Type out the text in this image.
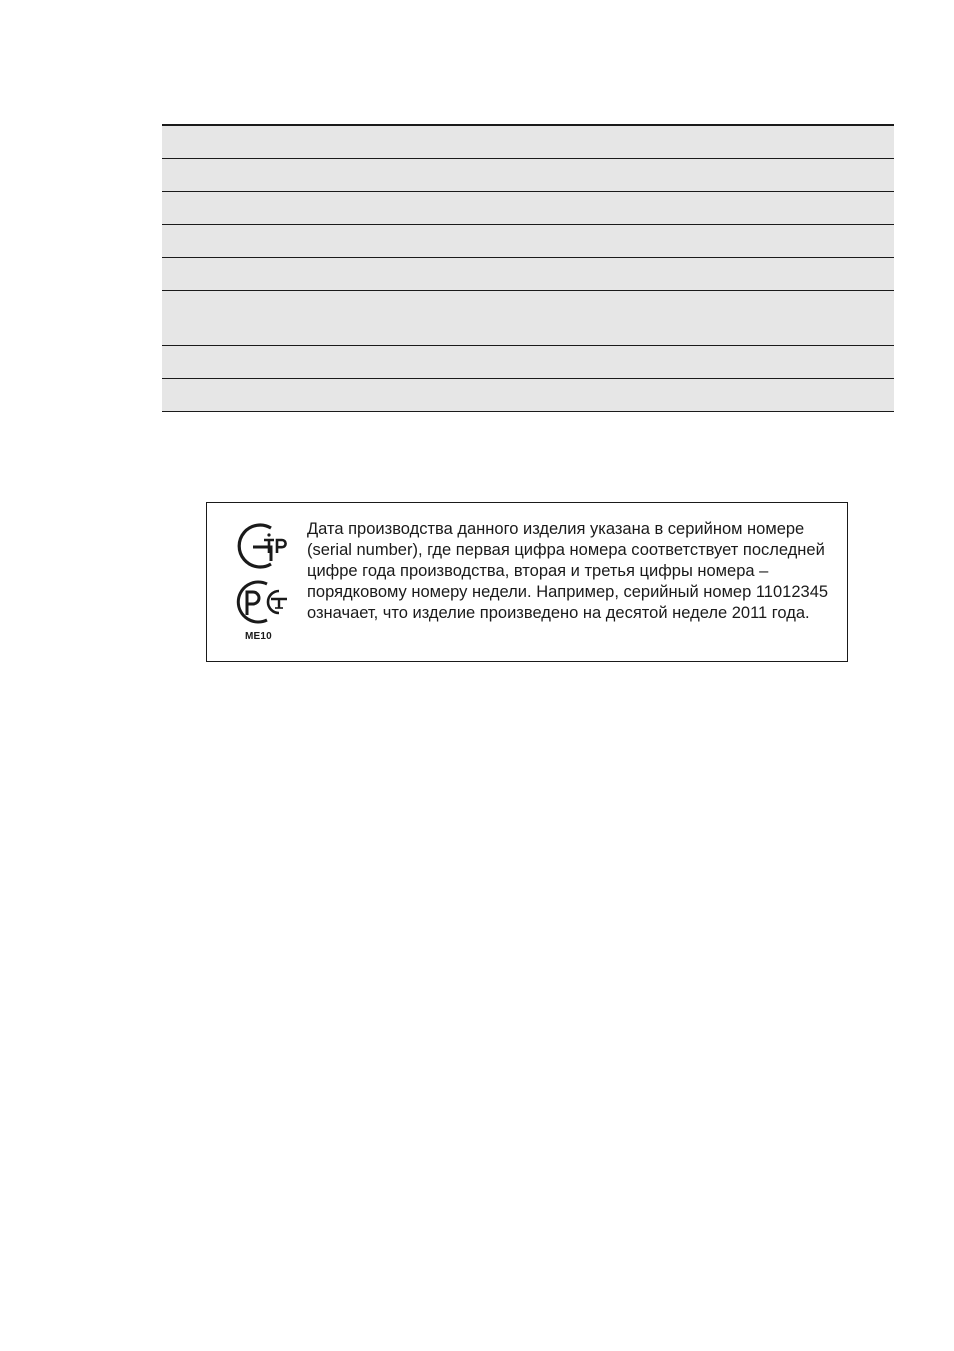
ME10

Дата производства данного изделия указана в серийном номере (serial number), где первая цифра номера соответствует последней цифре года производства, вторая и третья цифры номера – порядковому номеру недели. Например, серийный номер 11012345 означает, что изделие произведено на десятой неделе 2011 года.
